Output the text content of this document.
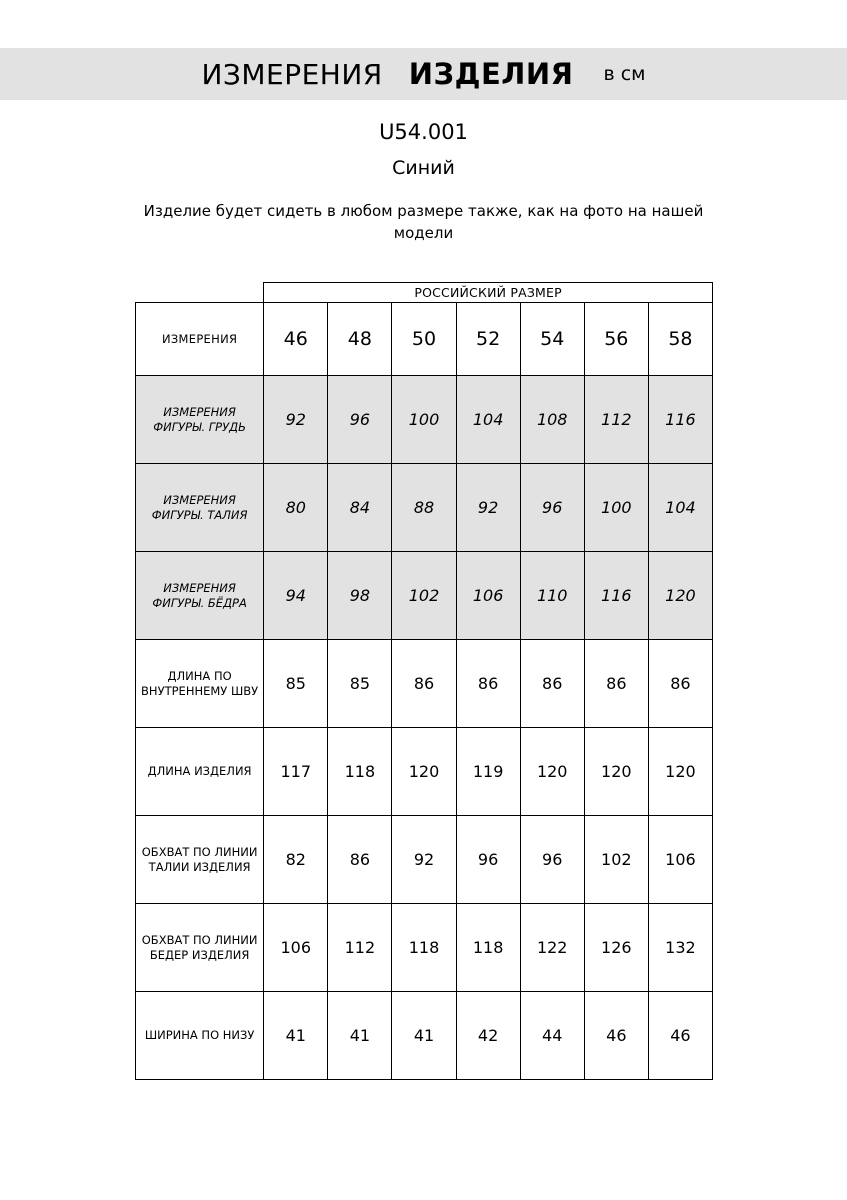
ИЗМЕРЕНИЯ ИЗДЕЛИЯ в см
U54.001
Синий
Изделие будет сидеть в любом размере также, как на фото на нашей модели
	РОССИЙСКИЙ РАЗМЕР						
ИЗМЕРЕНИЯ	46	48	50	52	54	56	58
ИЗМЕРЕНИЯ ФИГУРЫ. ГРУДЬ	92	96	100	104	108	112	116
ИЗМЕРЕНИЯ ФИГУРЫ. ТАЛИЯ	80	84	88	92	96	100	104
ИЗМЕРЕНИЯ ФИГУРЫ. БЁДРА	94	98	102	106	110	116	120
ДЛИНА ПО ВНУТРЕННЕМУ ШВУ	85	85	86	86	86	86	86
ДЛИНА ИЗДЕЛИЯ	117	118	120	119	120	120	120
ОБХВАТ ПО ЛИНИИ ТАЛИИ ИЗДЕЛИЯ	82	86	92	96	96	102	106
ОБХВАТ ПО ЛИНИИ БЕДЕР ИЗДЕЛИЯ	106	112	118	118	122	126	132
ШИРИНА ПО НИЗУ	41	41	41	42	44	46	46
